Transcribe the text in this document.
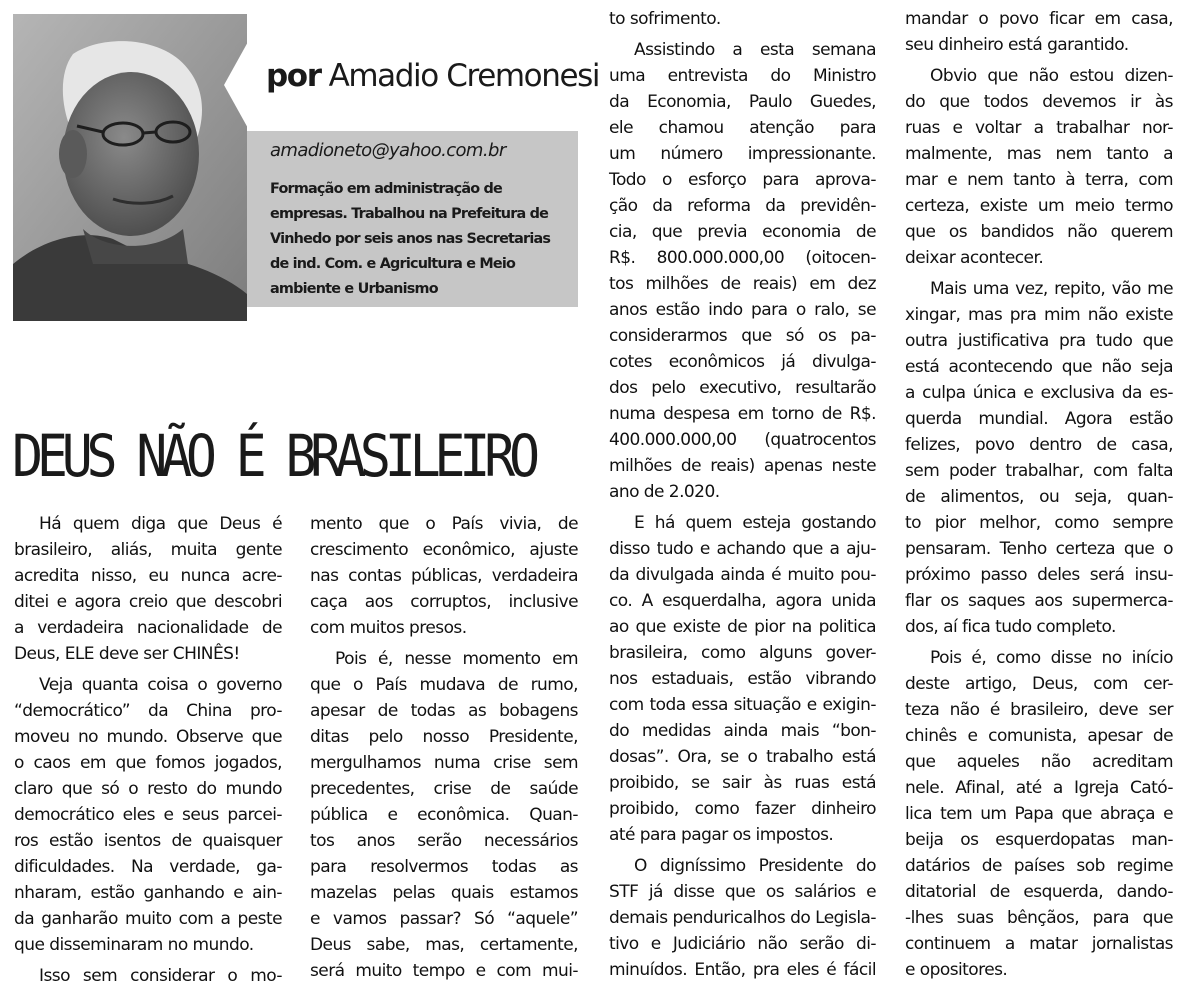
por Amadio Cremonesi
amadioneto@yahoo.com.br
Formação em administração de
empresas. Trabalhou na Prefeitura de
Vinhedo por seis anos nas Secretarias
de ind. Com. e Agricultura e Meio
ambiente e Urbanismo
DEUS NÃO É BRASILEIRO
Há quem diga que Deus é
brasileiro, aliás, muita gente
acredita nisso, eu nunca acre-
ditei e agora creio que descobri
a verdadeira nacionalidade de
Deus, ELE deve ser CHINÊS!
Veja quanta coisa o governo
“democrático” da China pro-
moveu no mundo. Observe que
o caos em que fomos jogados,
claro que só o resto do mundo
democrático eles e seus parcei-
ros estão isentos de quaisquer
dificuldades. Na verdade, ga-
nharam, estão ganhando e ain-
da ganharão muito com a peste
que disseminaram no mundo.
Isso sem considerar o mo-
mento que o País vivia, de
crescimento econômico, ajuste
nas contas públicas, verdadeira
caça aos corruptos, inclusive
com muitos presos.
Pois é, nesse momento em
que o País mudava de rumo,
apesar de todas as bobagens
ditas pelo nosso Presidente,
mergulhamos numa crise sem
precedentes, crise de saúde
pública e econômica. Quan-
tos anos serão necessários
para resolvermos todas as
mazelas pelas quais estamos
e vamos passar? Só “aquele”
Deus sabe, mas, certamente,
será muito tempo e com mui-
to sofrimento.
Assistindo a esta semana
uma entrevista do Ministro
da Economia, Paulo Guedes,
ele chamou atenção para
um número impressionante.
Todo o esforço para aprova-
ção da reforma da previdên-
cia, que previa economia de
R$. 800.000.000,00 (oitocen-
tos milhões de reais) em dez
anos estão indo para o ralo, se
considerarmos que só os pa-
cotes econômicos já divulga-
dos pelo executivo, resultarão
numa despesa em torno de R$.
400.000.000,00 (quatrocentos
milhões de reais) apenas neste
ano de 2.020.
E há quem esteja gostando
disso tudo e achando que a aju-
da divulgada ainda é muito pou-
co. A esquerdalha, agora unida
ao que existe de pior na politica
brasileira, como alguns gover-
nos estaduais, estão vibrando
com toda essa situação e exigin-
do medidas ainda mais “bon-
dosas”. Ora, se o trabalho está
proibido, se sair às ruas está
proibido, como fazer dinheiro
até para pagar os impostos.
O digníssimo Presidente do
STF já disse que os salários e
demais penduricalhos do Legisla-
tivo e Judiciário não serão di-
minuídos. Então, pra eles é fácil
mandar o povo ficar em casa,
seu dinheiro está garantido.
Obvio que não estou dizen-
do que todos devemos ir às
ruas e voltar a trabalhar nor-
malmente, mas nem tanto a
mar e nem tanto à terra, com
certeza, existe um meio termo
que os bandidos não querem
deixar acontecer.
Mais uma vez, repito, vão me
xingar, mas pra mim não existe
outra justificativa pra tudo que
está acontecendo que não seja
a culpa única e exclusiva da es-
querda mundial. Agora estão
felizes, povo dentro de casa,
sem poder trabalhar, com falta
de alimentos, ou seja, quan-
to pior melhor, como sempre
pensaram. Tenho certeza que o
próximo passo deles será insu-
flar os saques aos supermerca-
dos, aí fica tudo completo.
Pois é, como disse no início
deste artigo, Deus, com cer-
teza não é brasileiro, deve ser
chinês e comunista, apesar de
que aqueles não acreditam
nele. Afinal, até a Igreja Cató-
lica tem um Papa que abraça e
beija os esquerdopatas man-
datários de países sob regime
ditatorial de esquerda, dando-
-lhes suas bênçãos, para que
continuem a matar jornalistas
e opositores.
